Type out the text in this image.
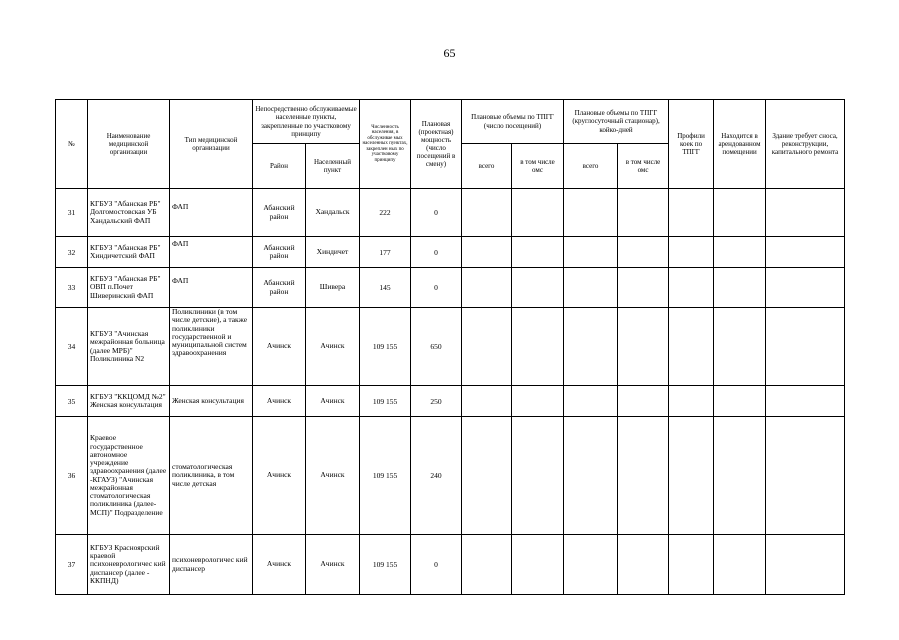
65
№	Наименование медицинской организации	Тип медицинской организации	Непосредственно обслуживаемые населенные пункты, закрепленные по участковому принципу		Численность населения, в обслуживае мых населенных пунктах, закреплен ных по участковому принципу	Плановая (проектная) мощность (число посещений в смену)	Плановые объемы по ТПГГ (число посещений)		Плановые объемы по ТПГГ (круглосуточный стационар), койко-дней		Профили коек по ТПГГ	Находится в арендованном помещении	Здание требует сноса, реконструкции, капитального ремонта
			Район	Населенный пункт			всего	в том числе омс	всего	в том числе омс			
31	КГБУЗ "Абанская РБ" Долгомостовская УБ Хандальский ФАП	ФАП	Абанский район	Хандальск	222	0							
32	КГБУЗ "Абанская РБ" Хиндичетский ФАП	ФАП	Абанский район	Хиндичет	177	0							
33	КГБУЗ "Абанская РБ" ОВП п.Почет Шиверинский ФАП	ФАП	Абанский район	Шивера	145	0							
34	КГБУЗ "Ачинская межрайонная больница (далее МРБ)" Поликлиника N2	Поликлиники (в том числе детские), а также поликлиники государственной и муниципальной систем здравоохранения	Ачинск	Ачинск	109 155	650							
35	КГБУЗ "ККЦОМД №2" Женская консультация	Женская консультация	Ачинск	Ачинск	109 155	250							
36	Краевое государственное автономное учреждение здравоохранения (далее -КГАУЗ) "Ачинская межрайонная стоматологическая поликлиника (далее-МСП)" Подразделение	стоматологическая поликлиника, в том числе детская	Ачинск	Ачинск	109 155	240							
37	КГБУЗ Красноярский краевой психоневрологичес кий диспансер (далее - ККПНД)	психоневрологичес кий диспансер	Ачинск	Ачинск	109 155	0							
